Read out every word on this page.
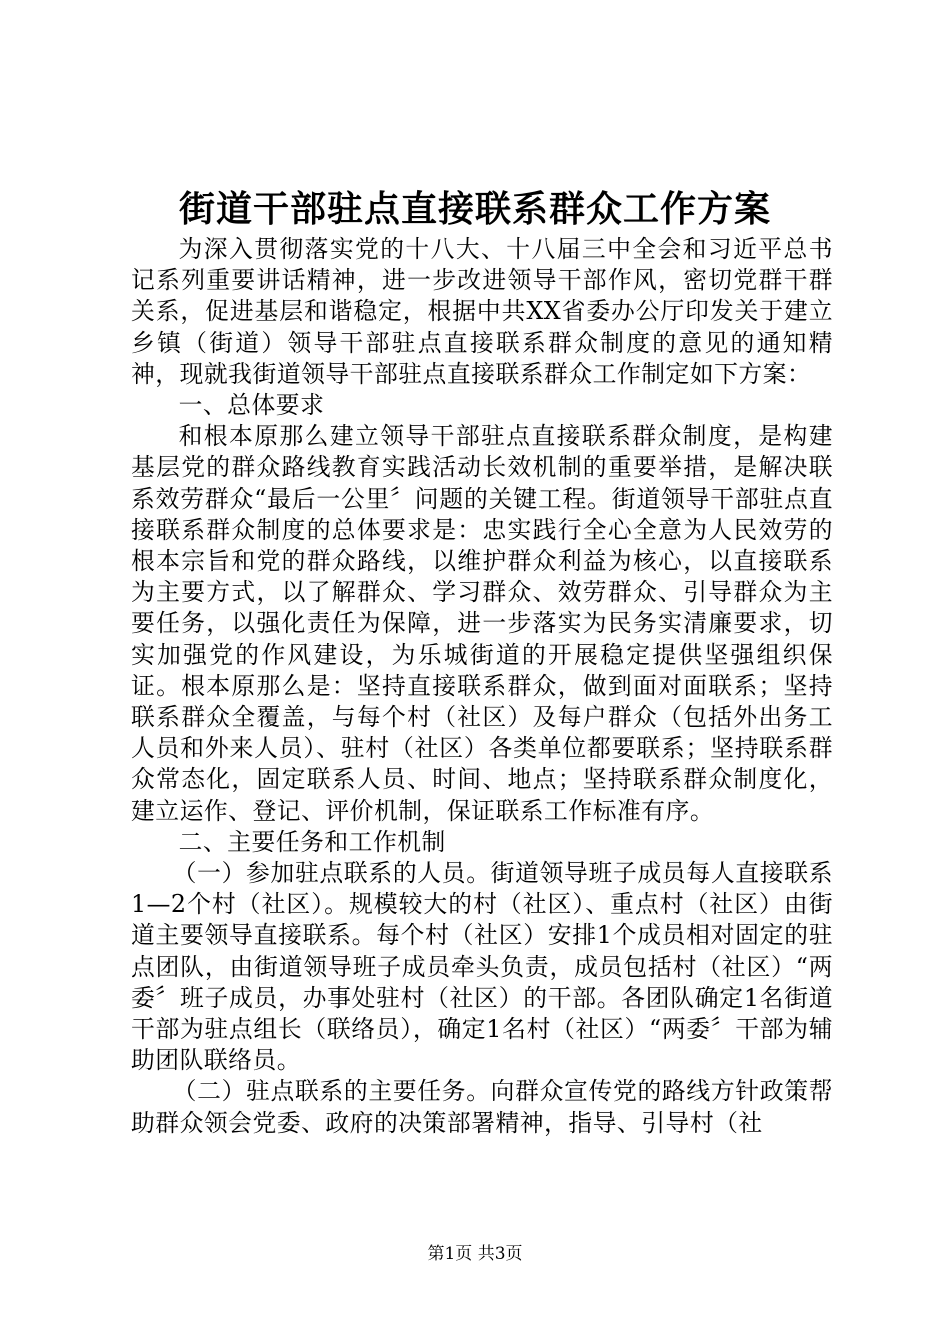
街道干部驻点直接联系群众工作方案

为深入贯彻落实党的十八大、十八届三中全会和习近平总书记系列重要讲话精神，进一步改进领导干部作风，密切党群干群关系，促进基层和谐稳定，根据中共XX省委办公厅印发关于建立乡镇（街道）领导干部驻点直接联系群众制度的意见的通知精神，现就我街道领导干部驻点直接联系群众工作制定如下方案：

一、总体要求

和根本原那么建立领导干部驻点直接联系群众制度，是构建基层党的群众路线教育实践活动长效机制的重要举措，是解决联系效劳群众“最后一公里〞问题的关键工程。街道领导干部驻点直接联系群众制度的总体要求是：忠实践行全心全意为人民效劳的根本宗旨和党的群众路线，以维护群众利益为核心，以直接联系为主要方式，以了解群众、学习群众、效劳群众、引导群众为主要任务，以强化责任为保障，进一步落实为民务实清廉要求，切实加强党的作风建设，为乐城街道的开展稳定提供坚强组织保证。根本原那么是：坚持直接联系群众，做到面对面联系；坚持联系群众全覆盖，与每个村（社区）及每户群众（包括外出务工人员和外来人员）、驻村（社区）各类单位都要联系；坚持联系群众常态化，固定联系人员、时间、地点；坚持联系群众制度化，建立运作、登记、评价机制，保证联系工作标准有序。

二、主要任务和工作机制

（一）参加驻点联系的人员。街道领导班子成员每人直接联系1—2个村（社区）。规模较大的村（社区）、重点村（社区）由街道主要领导直接联系。每个村（社区）安排1个成员相对固定的驻点团队，由街道领导班子成员牵头负责，成员包括村（社区）“两委〞班子成员，办事处驻村（社区）的干部。各团队确定1名街道干部为驻点组长（联络员），确定1名村（社区）“两委〞干部为辅助团队联络员。

（二）驻点联系的主要任务。向群众宣传党的路线方针政策帮助群众领会党委、政府的决策部署精神，指导、引导村（社

第1页 共3页
